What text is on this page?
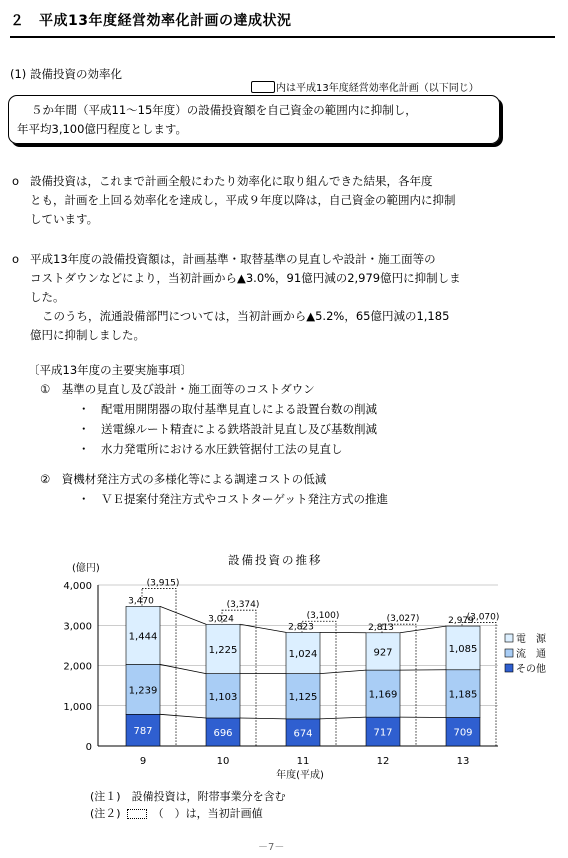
２　平成13年度経営効率化計画の達成状況
(1) 設備投資の効率化
内は平成13年度経営効率化計画（以下同じ）
５か年間（平成11～15年度）の設備投資額を自己資金の範囲内に抑制し，
年平均3,100億円程度とします。
o 設備投資は，これまで計画全般にわたり効率化に取り組んできた結果，各年度
とも，計画を上回る効率化を達成し，平成９年度以降は，自己資金の範囲内に抑制
しています。
o 平成13年度の設備投資額は，計画基準・取替基準の見直しや設計・施工面等の
コストダウンなどにより，当初計画から▲3.0%，91億円減の2,979億円に抑制しま
した。
このうち，流通設備部門については，当初計画から▲5.2%，65億円減の1,185
億円に抑制しました。
〔平成13年度の主要実施事項〕
①　基準の見直し及び設計・施工面等のコストダウン
・　配電用開閉器の取付基準見直しによる設置台数の削減
・　送電線ルート精査による鉄塔設計見直し及び基数削減
・　水力発電所における水圧鉄管据付工法の見直し
②　資機材発注方式の多様化等による調達コストの低減
・　ＶＥ提案付発注方式やコストターゲット発注方式の推進
設備投資の推移
(億円)
0
1,000
2,000
3,000
4,000	(3,915)
787
1,239
1,444
3,470
9
(3,374)
696
1,103
1,225
3,024
10
(3,100)
674
1,125
1,024
2,823
11
(3,027)
717
1,169
927
2,813
12
(3,070)
709
1,185
1,085
2,979
13
年度(平成)
電　源
流　通
その他
(注１)　設備投資は，附帯事業分を含む
(注２)	（　）は，当初計画値
－7－
